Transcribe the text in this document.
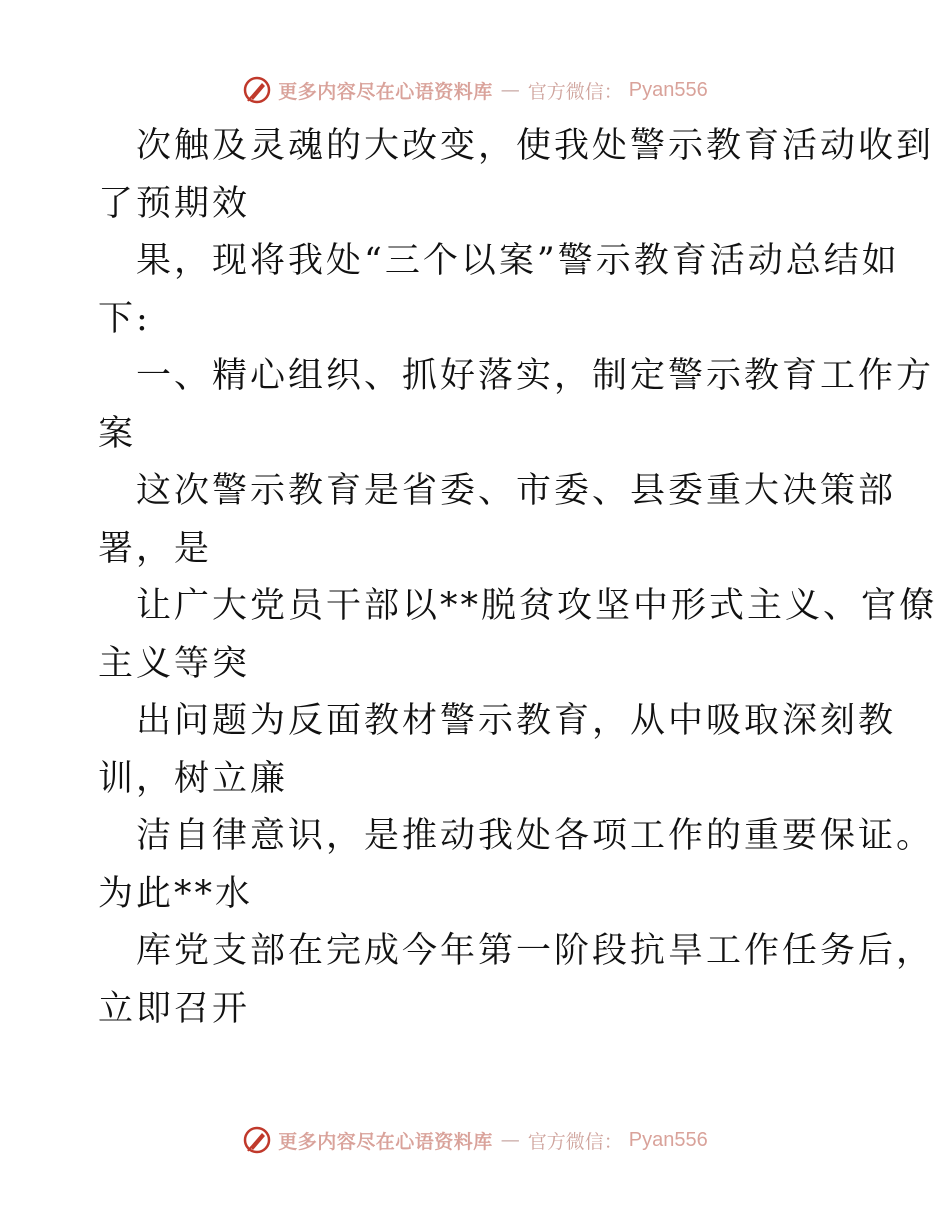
更多内容尽在心语资料库 — 官方微信： Pyan556
次触及灵魂的大改变，使我处警示教育活动收到
了预期效
果，现将我处“三个以案”警示教育活动总结如
下:
一、精心组织、抓好落实，制定警示教育工作方
案
这次警示教育是省委、市委、县委重大决策部
署，是
让广大党员干部以**脱贫攻坚中形式主义、官僚
主义等突
出问题为反面教材警示教育，从中吸取深刻教
训，树立廉
洁自律意识，是推动我处各项工作的重要保证。
为此**水
库党支部在完成今年第一阶段抗旱工作任务后，
立即召开
更多内容尽在心语资料库 — 官方微信： Pyan556
